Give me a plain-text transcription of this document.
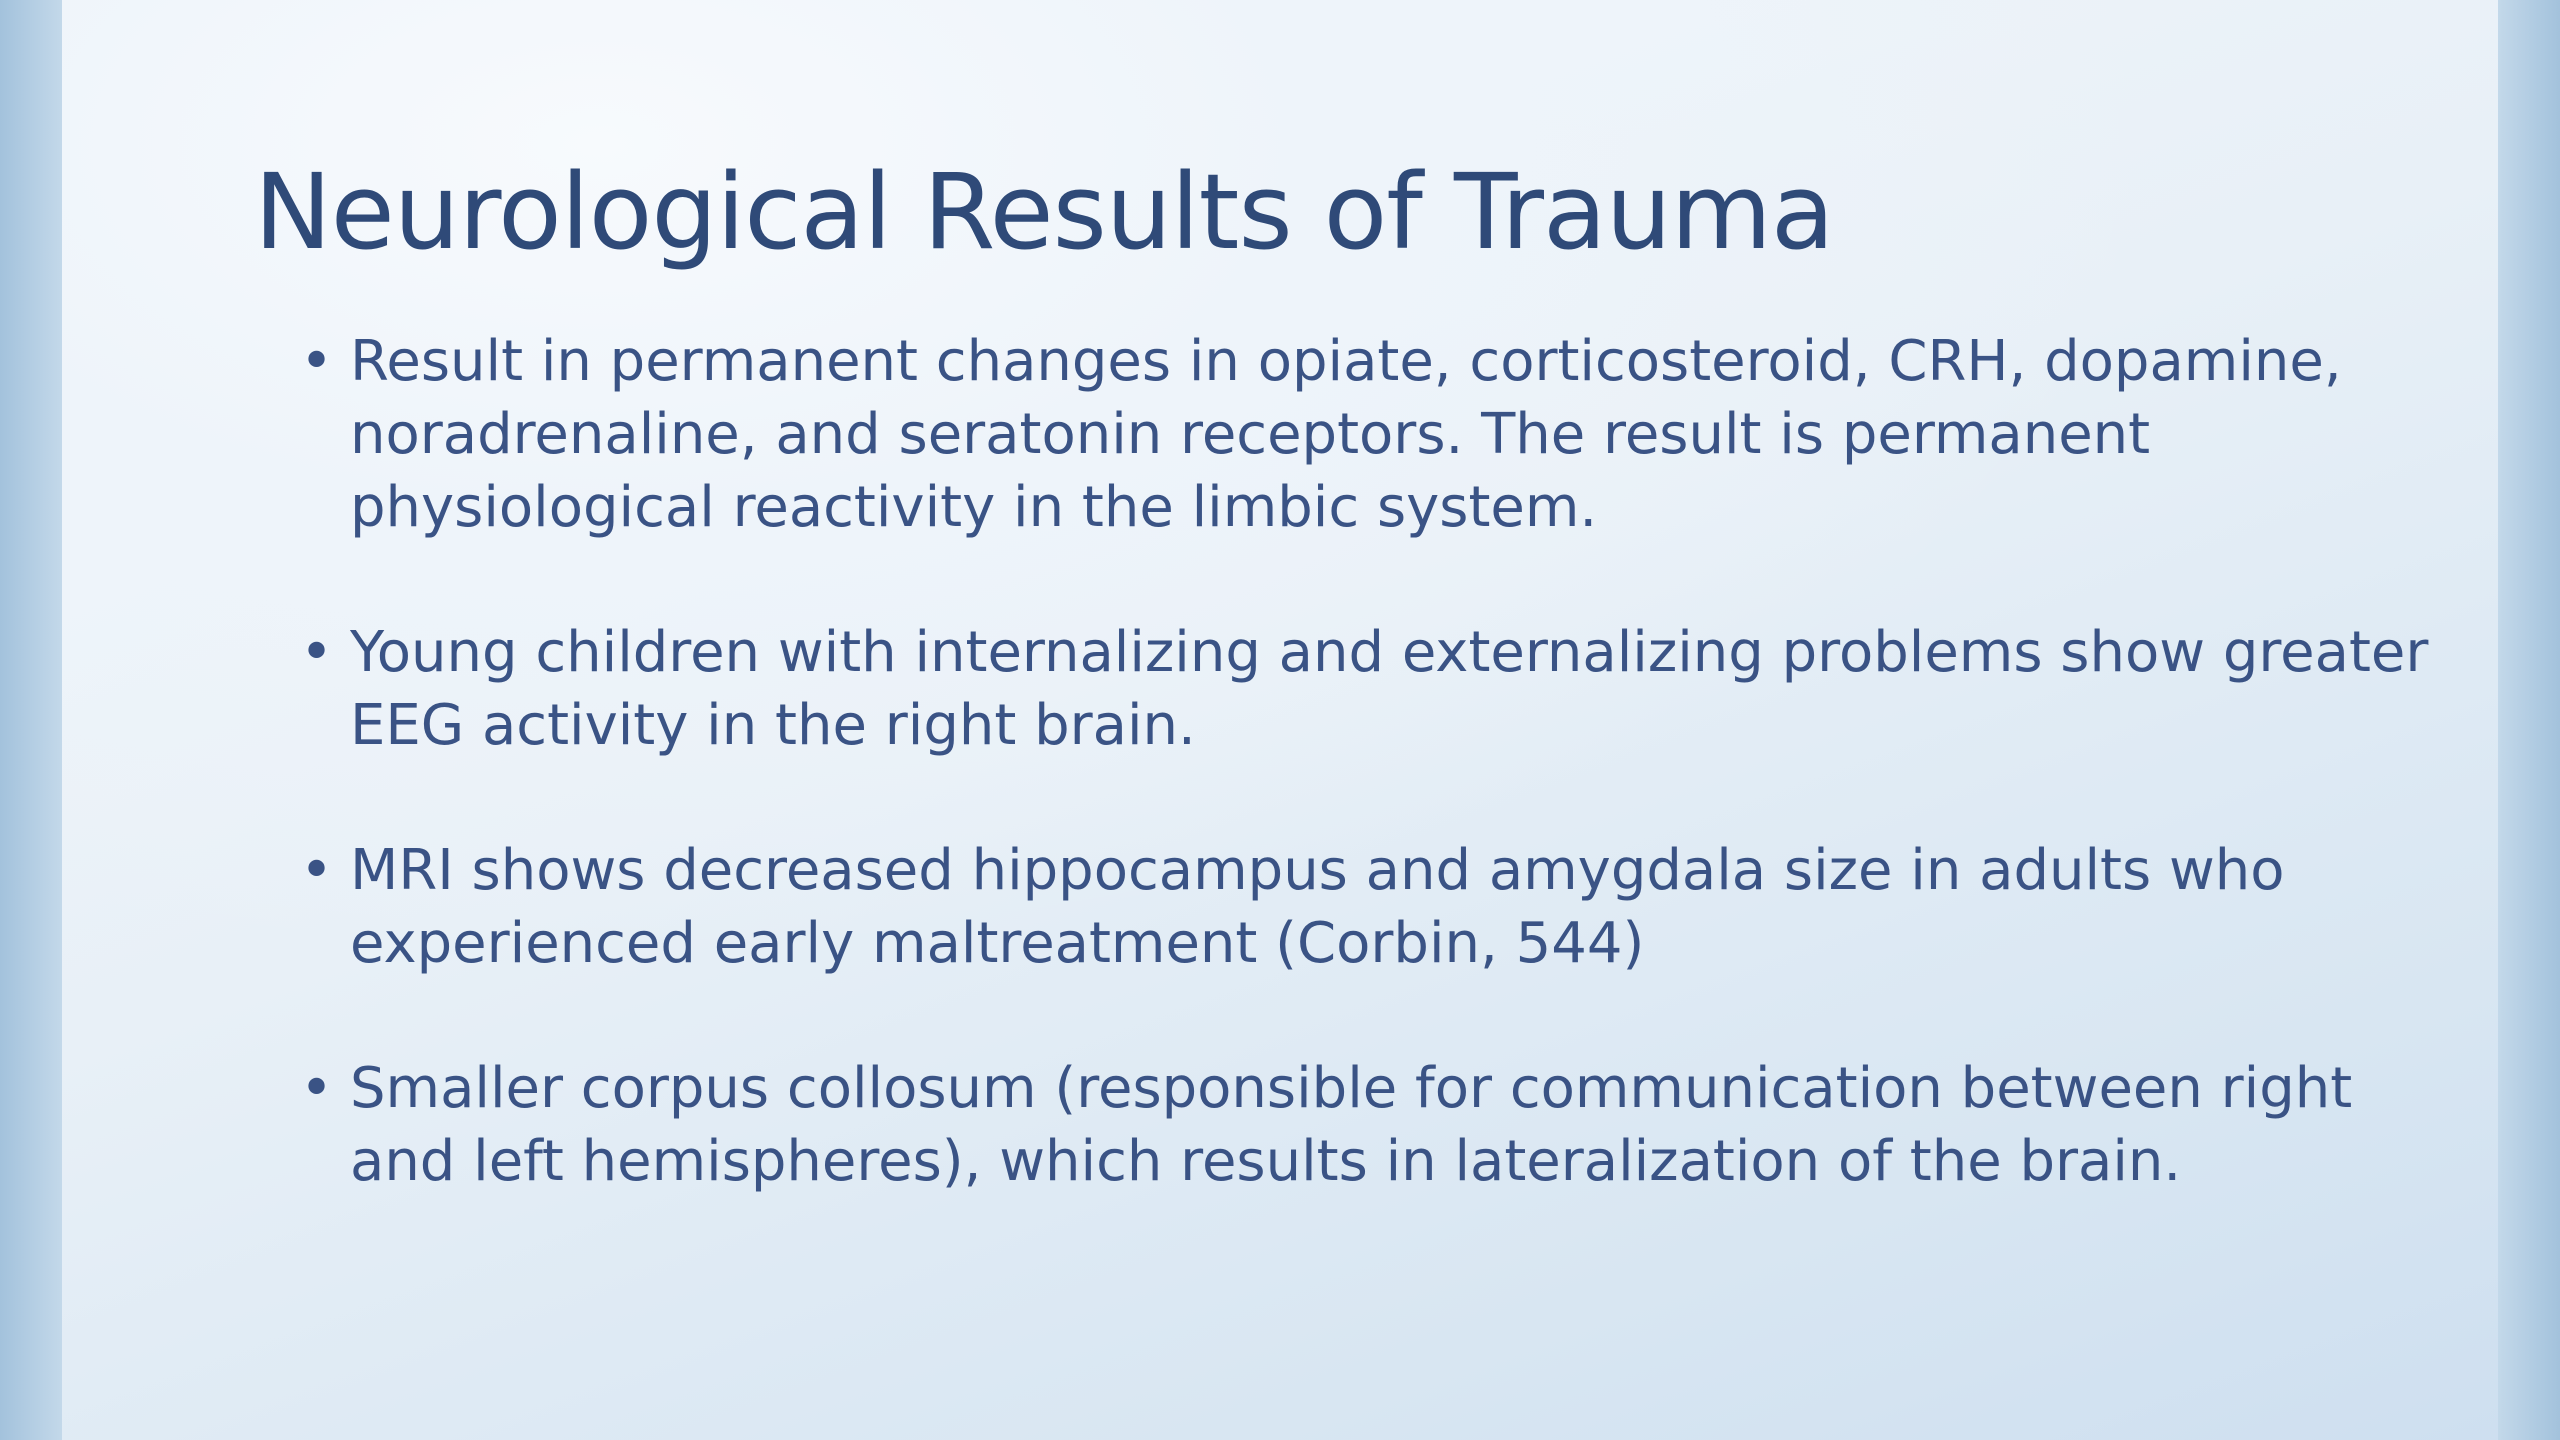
Neurological Results of Trauma
• Result in permanent changes in opiate, corticosteroid, CRH, dopamine, noradrenaline, and seratonin receptors. The result is permanent physiological reactivity in the limbic system.
• Young children with internalizing and externalizing problems show greater EEG activity in the right brain.
• MRI shows decreased hippocampus and amygdala size in adults who experienced early maltreatment (Corbin, 544)
• Smaller corpus collosum (responsible for communication between right and left hemispheres), which results in lateralization of the brain.
